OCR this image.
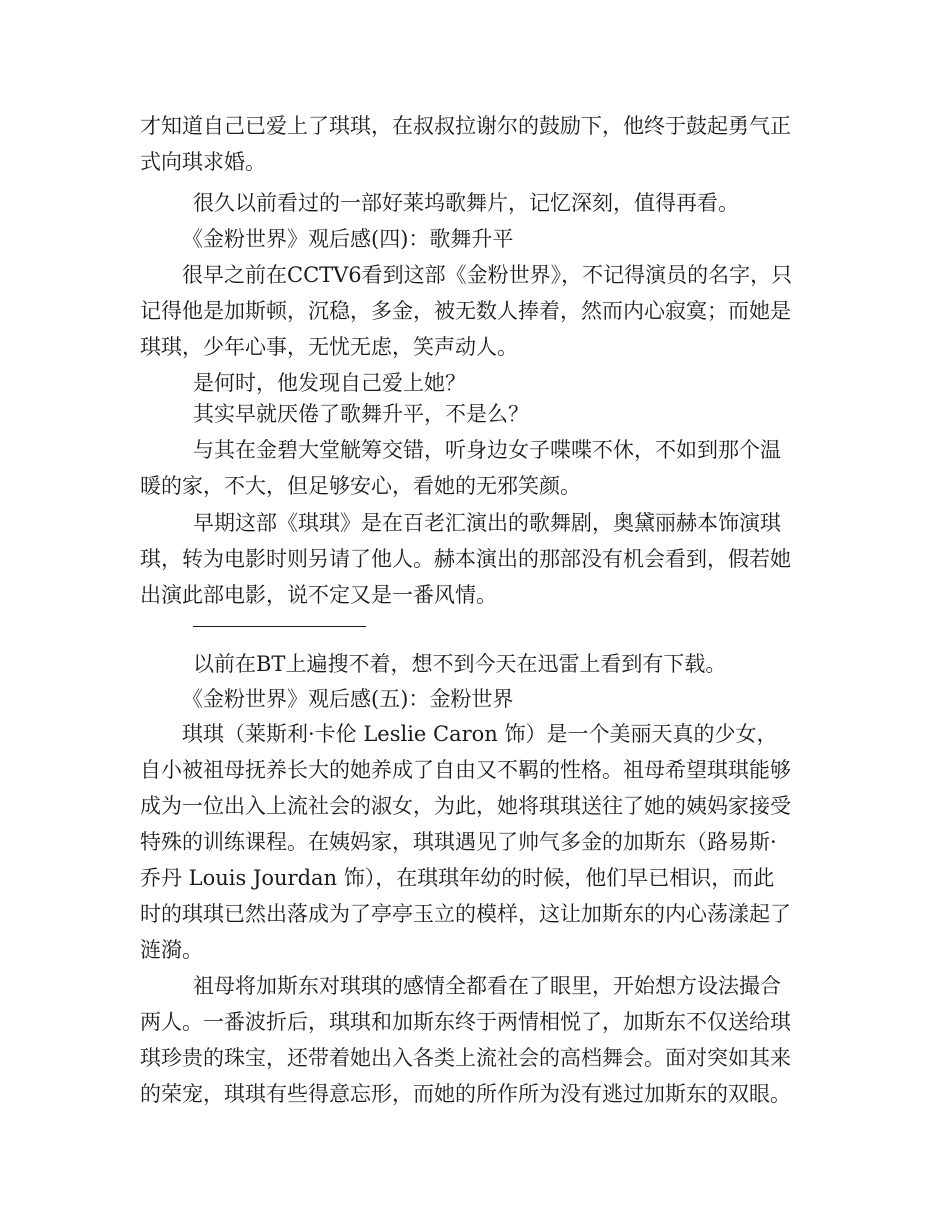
才知道自己已爱上了琪琪，在叔叔拉谢尔的鼓励下，他终于鼓起勇气正
式向琪求婚。
很久以前看过的一部好莱坞歌舞片，记忆深刻，值得再看。
《金粉世界》观后感(四)：歌舞升平
很早之前在CCTV6看到这部《金粉世界》，不记得演员的名字，只
记得他是加斯顿，沉稳，多金，被无数人捧着，然而内心寂寞；而她是
琪琪，少年心事，无忧无虑，笑声动人。
是何时，他发现自己爱上她？
其实早就厌倦了歌舞升平，不是么？
与其在金碧大堂觥筹交错，听身边女子喋喋不休，不如到那个温
暖的家，不大，但足够安心，看她的无邪笑颜。
早期这部《琪琪》是在百老汇演出的歌舞剧，奥黛丽赫本饰演琪
琪，转为电影时则另请了他人。赫本演出的那部没有机会看到，假若她
出演此部电影，说不定又是一番风情。
以前在BT上遍搜不着，想不到今天在迅雷上看到有下载。
《金粉世界》观后感(五)：金粉世界
琪琪（莱斯利·卡伦 Leslie Caron 饰）是一个美丽天真的少女，
自小被祖母抚养长大的她养成了自由又不羁的性格。祖母希望琪琪能够
成为一位出入上流社会的淑女，为此，她将琪琪送往了她的姨妈家接受
特殊的训练课程。在姨妈家，琪琪遇见了帅气多金的加斯东（路易斯·
乔丹 Louis Jourdan 饰），在琪琪年幼的时候，他们早已相识，而此
时的琪琪已然出落成为了亭亭玉立的模样，这让加斯东的内心荡漾起了
涟漪。
祖母将加斯东对琪琪的感情全都看在了眼里，开始想方设法撮合
两人。一番波折后，琪琪和加斯东终于两情相悦了，加斯东不仅送给琪
琪珍贵的珠宝，还带着她出入各类上流社会的高档舞会。面对突如其来
的荣宠，琪琪有些得意忘形，而她的所作所为没有逃过加斯东的双眼。
